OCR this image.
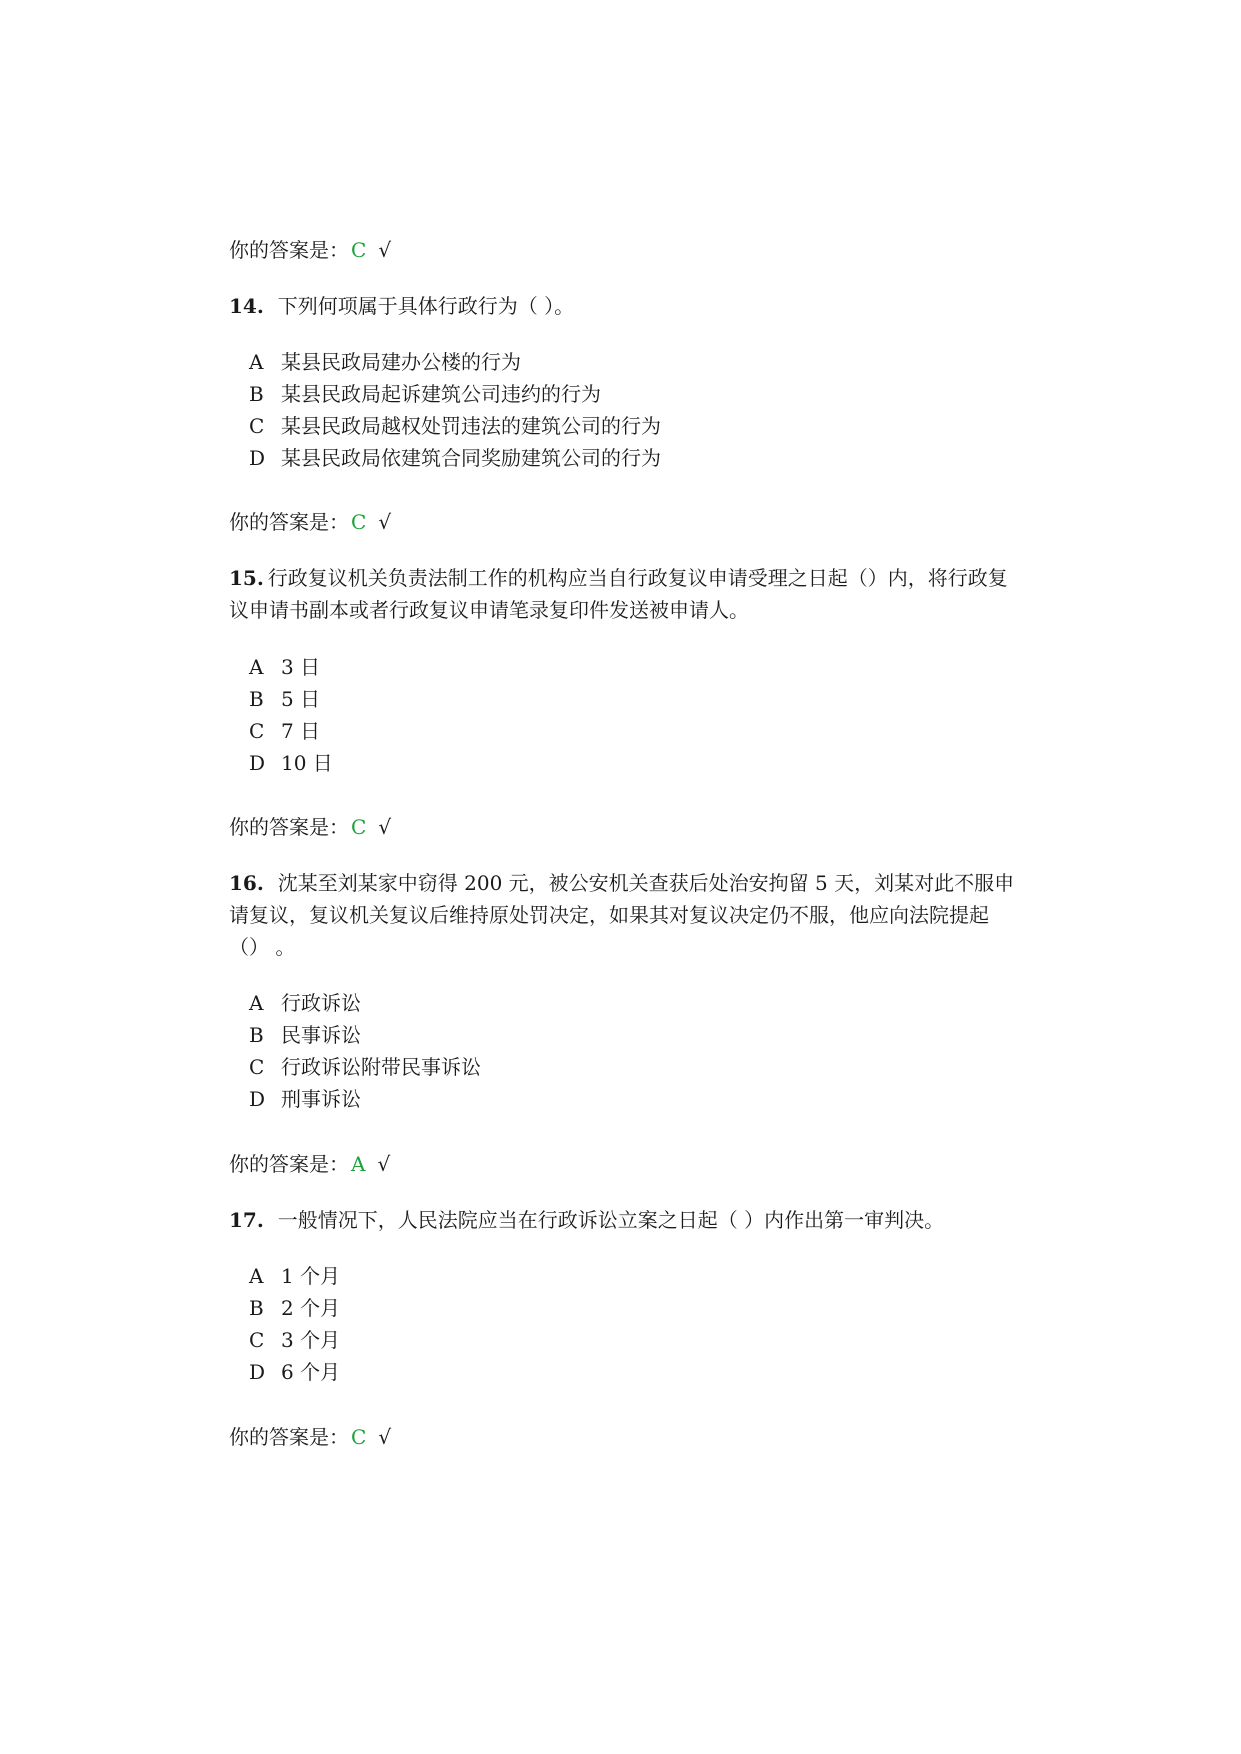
你的答案是： C √
14. 下列何项属于具体行政行为（ ）。
A 某县民政局建办公楼的行为
B 某县民政局起诉建筑公司违约的行为
C 某县民政局越权处罚违法的建筑公司的行为
D 某县民政局依建筑合同奖励建筑公司的行为
你的答案是： C √
15. 行政复议机关负责法制工作的机构应当自行政复议申请受理之日起（）内，将行政复
议申请书副本或者行政复议申请笔录复印件发送被申请人。
A 3 日
B 5 日
C 7 日
D 10 日
你的答案是： C √
16. 沈某至刘某家中窃得 200 元，被公安机关查获后处治安拘留 5 天，刘某对此不服申
请复议，复议机关复议后维持原处罚决定，如果其对复议决定仍不服，他应向法院提起
（） 。
A 行政诉讼
B 民事诉讼
C 行政诉讼附带民事诉讼
D 刑事诉讼
你的答案是： A √
17. 一般情况下，人民法院应当在行政诉讼立案之日起（ ）内作出第一审判决。
A 1 个月
B 2 个月
C 3 个月
D 6 个月
你的答案是： C √
